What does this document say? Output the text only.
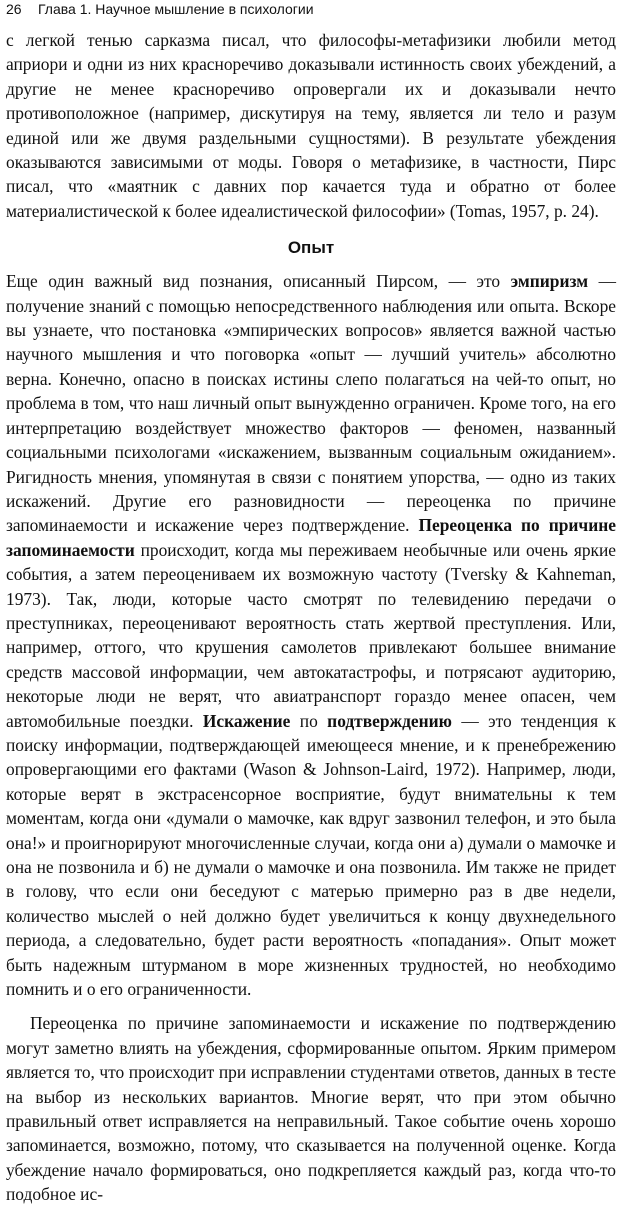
26 Глава 1. Научное мышление в психологии

с легкой тенью сарказма писал, что философы-метафизики любили метод априори и одни из них красноречиво доказывали истинность своих убеждений, а другие не менее красноречиво опровергали их и доказывали нечто противоположное (например, дискутируя на тему, является ли тело и разум единой или же двумя раздельными сущностями). В результате убеждения оказываются зависимыми от моды. Говоря о метафизике, в частности, Пирс писал, что «маятник с давних пор качается туда и обратно от более материалистической к более идеалистической философии» (Tomas, 1957, p. 24).

Опыт

Еще один важный вид познания, описанный Пирсом, — это эмпиризм — получение знаний с помощью непосредственного наблюдения или опыта. Вскоре вы узнаете, что постановка «эмпирических вопросов» является важной частью научного мышления и что поговорка «опыт — лучший учитель» абсолютно верна. Конечно, опасно в поисках истины слепо полагаться на чей-то опыт, но проблема в том, что наш личный опыт вынужденно ограничен. Кроме того, на его интерпретацию воздействует множество факторов — феномен, названный социальными психологами «искажением, вызванным социальным ожиданием». Ригидность мнения, упомянутая в связи с понятием упорства, — одно из таких искажений. Другие его разновидности — переоценка по причине запоминаемости и искажение через подтверждение. Переоценка по причине запоминаемости происходит, когда мы переживаем необычные или очень яркие события, а затем переоцениваем их возможную частоту (Tversky & Kahneman, 1973). Так, люди, которые часто смотрят по телевидению передачи о преступниках, переоценивают вероятность стать жертвой преступления. Или, например, оттого, что крушения самолетов привлекают большее внимание средств массовой информации, чем автокатастрофы, и потрясают аудиторию, некоторые люди не верят, что авиатранспорт гораздо менее опасен, чем автомобильные поездки. Искажение по подтверждению — это тенденция к поиску информации, подтверждающей имеющееся мнение, и к пренебрежению опровергающими его фактами (Wason & Johnson-Laird, 1972). Например, люди, которые верят в экстрасенсорное восприятие, будут внимательны к тем моментам, когда они «думали о мамочке, как вдруг зазвонил телефон, и это была она!» и проигнорируют многочисленные случаи, когда они а) думали о мамочке и она не позвонила и б) не думали о мамочке и она позвонила. Им также не придет в голову, что если они беседуют с матерью примерно раз в две недели, количество мыслей о ней должно будет увеличиться к концу двухнедельного периода, а следовательно, будет расти вероятность «попадания». Опыт может быть надежным штурманом в море жизненных трудностей, но необходимо помнить и о его ограниченности.

Переоценка по причине запоминаемости и искажение по подтверждению могут заметно влиять на убеждения, сформированные опытом. Ярким примером является то, что происходит при исправлении студентами ответов, данных в тесте на выбор из нескольких вариантов. Многие верят, что при этом обычно правильный ответ исправляется на неправильный. Такое событие очень хорошо запоминается, возможно, потому, что сказывается на полученной оценке. Когда убеждение начало формироваться, оно подкрепляется каждый раз, когда что-то подобное ис-
